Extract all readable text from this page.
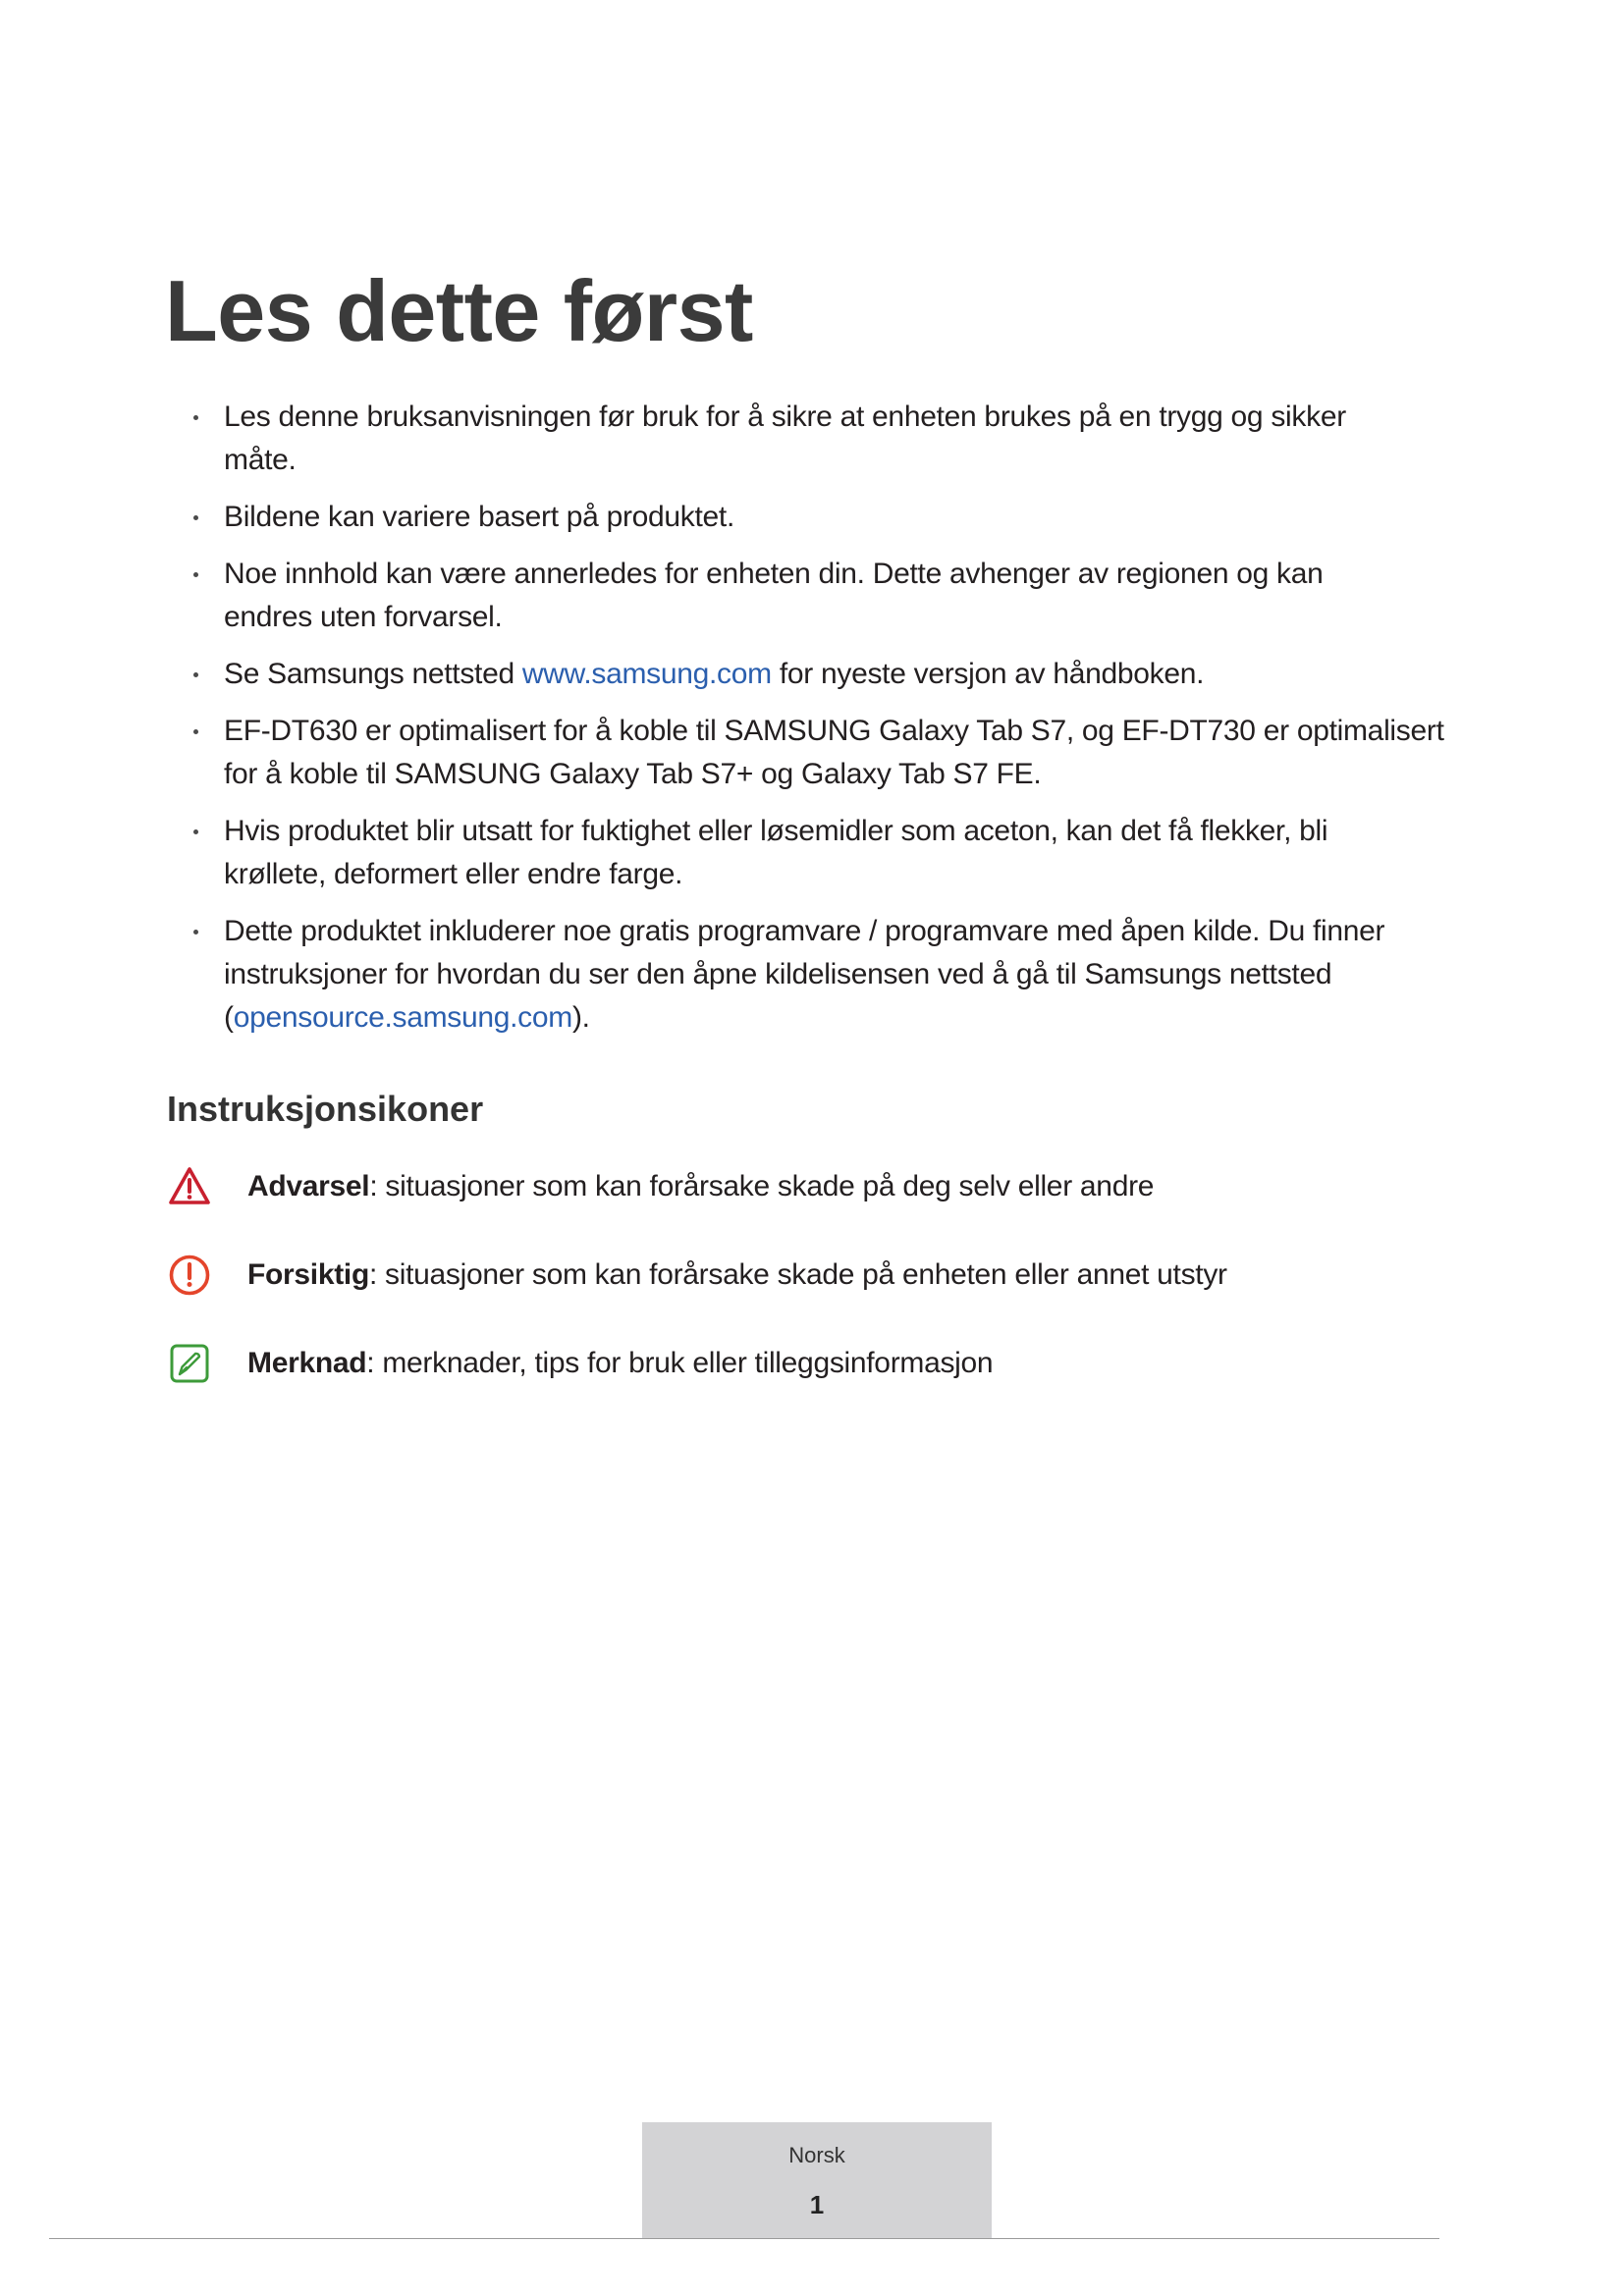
Les dette først
Les denne bruksanvisningen før bruk for å sikre at enheten brukes på en trygg og sikker
måte.
Bildene kan variere basert på produktet.
Noe innhold kan være annerledes for enheten din. Dette avhenger av regionen og kan
endres uten forvarsel.
Se Samsungs nettsted www.samsung.com for nyeste versjon av håndboken.
EF-DT630 er optimalisert for å koble til SAMSUNG Galaxy Tab S7, og EF-DT730 er optimalisert
for å koble til SAMSUNG Galaxy Tab S7+ og Galaxy Tab S7 FE.
Hvis produktet blir utsatt for fuktighet eller løsemidler som aceton, kan det få flekker, bli
krøllete, deformert eller endre farge.
Dette produktet inkluderer noe gratis programvare / programvare med åpen kilde. Du finner
instruksjoner for hvordan du ser den åpne kildelisensen ved å gå til Samsungs nettsted
(opensource.samsung.com).
Instruksjonsikoner
Advarsel: situasjoner som kan forårsake skade på deg selv eller andre
Forsiktig: situasjoner som kan forårsake skade på enheten eller annet utstyr
Merknad: merknader, tips for bruk eller tilleggsinformasjon
Norsk
1
